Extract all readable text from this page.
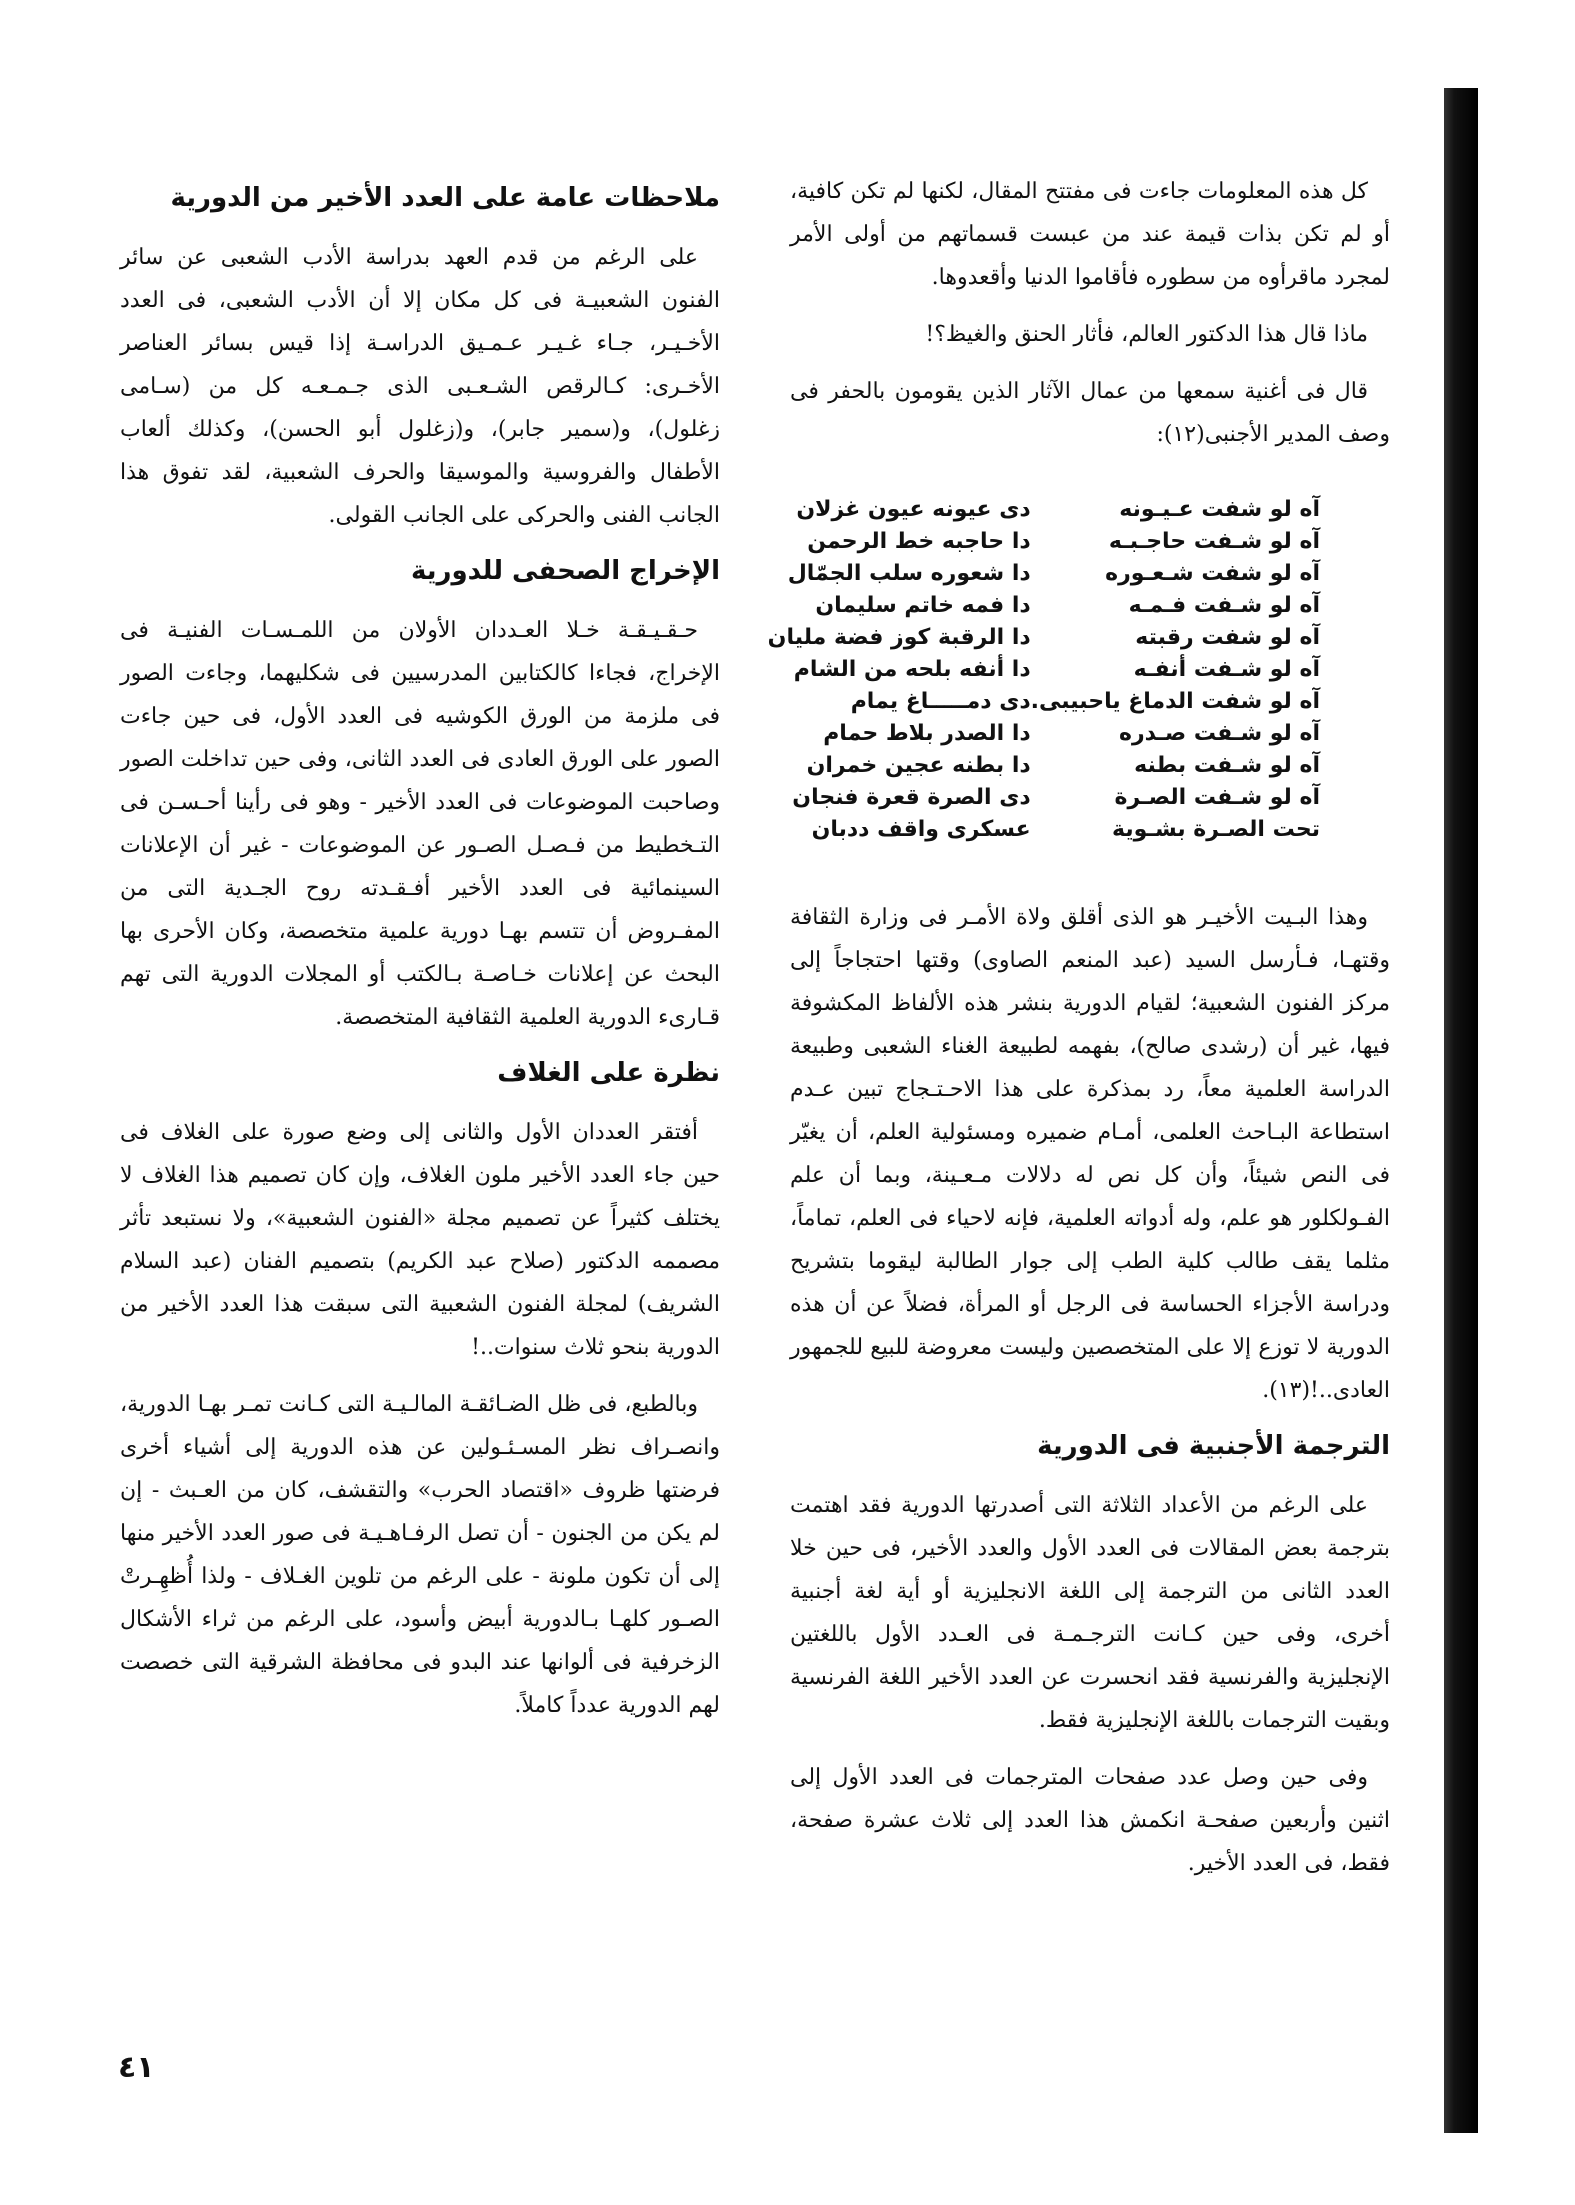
كل هذه المعلومات جاءت فى مفتتح المقال، لكنها لم تكن كافية، أو لم تكن بذات قيمة عند من عبست قسماتهم من أولى الأمر لمجرد ماقرأوه من سطوره فأقاموا الدنيا وأقعدوها.

ماذا قال هذا الدكتور العالم، فأثار الحنق والغيظ؟!

قال فى أغنية سمعها من عمال الآثار الذين يقومون بالحفر فى وصف المدير الأجنبى(١٢):

آه لو شفت عـيـونه
آه لو شـفت حاجـبـه
آه لو شفت شـعـوره
آه لو شـفت فـمـه
آه لو شفت رقبته
آه لو شـفت أنفـه
آه لو شفت الدماغ ياحبيبى.
آه لو شـفت صـدره
آه لو شـفت بطنه
آه لو شـفت الصـرة
تحت الصـرة بشـوية
دى عيونه عيون غزلان
دا حاجبه خط الرحمن
دا شعوره سلب الجمّال
دا فمه خاتم سليمان
دا الرقبة كوز فضة مليان
دا أنفه بلحه من الشام
دى دمـــــاغ يمام
دا الصدر بلاط حمام
دا بطنه عجين خمران
دى الصرة قعرة فنجان
عسكرى واقف ددبان

وهذا البـيت الأخيـر هو الذى أقلق ولاة الأمـر فى وزارة الثقافة وقتهـا، فـأرسل السيد (عبد المنعم الصاوى) وقتها احتجاجاً إلى مركز الفنون الشعبية؛ لقيام الدورية بنشر هذه الألفاظ المكشوفة فيها، غير أن (رشدى صالح)، بفهمه لطبيعة الغناء الشعبى وطبيعة الدراسة العلمية معاً، رد بمذكرة على هذا الاحـتـجاج تبين عـدم استطاعة البـاحث العلمى، أمـام ضميره ومسئولية العلم، أن يغيّر فى النص شيئاً، وأن كل نص له دلالات مـعـينة، وبما أن علم الفـولكلور هو علم، وله أدواته العلمية، فإنه لاحياء فى العلم، تماماً، مثلما يقف طالب كلية الطب إلى جوار الطالبة ليقوما بتشريح ودراسة الأجزاء الحساسة فى الرجل أو المرأة، فضلاً عن أن هذه الدورية لا توزع إلا على المتخصصين وليست معروضة للبيع للجمهور العادى..!(١٣).

الترجمة الأجنبية فى الدورية

على الرغم من الأعداد الثلاثة التى أصدرتها الدورية فقد اهتمت بترجمة بعض المقالات فى العدد الأول والعدد الأخير، فى حين خلا العدد الثانى من الترجمة إلى اللغة الانجليزية أو أية لغة أجنبية أخرى، وفى حين كـانت الترجـمـة فى العـدد الأول باللغتين الإنجليزية والفرنسية فقد انحسرت عن العدد الأخير اللغة الفرنسية وبقيت الترجمات باللغة الإنجليزية فقط.

وفى حين وصل عدد صفحات المترجمات فى العدد الأول إلى اثنين وأربعين صفحـة انكمش هذا العدد إلى ثلاث عشرة صفحة، فقط، فى العدد الأخير.

ملاحظات عامة على العدد الأخير من الدورية

على الرغم من قدم العهد بدراسة الأدب الشعبى عن سائر الفنون الشعبيـة فى كل مكان إلا أن الأدب الشعبى، فى العدد الأخـيـر، جـاء غـيـر عـمـيق الدراسـة إذا قيس بسائر العناصر الأخـرى: كـالرقص الشـعـبى الذى جـمـعـه كل من (سـامى زغلول)، و(سمير جابر)، و(زغلول أبو الحسن)، وكذلك ألعاب الأطفال والفروسية والموسيقا والحرف الشعبية، لقد تفوق هذا الجانب الفنى والحركى على الجانب القولى.

الإخراج الصحفى للدورية

حـقـيـقـة خـلا العـددان الأولان من اللمـسـات الفنيـة فى الإخراج، فجاءا كالكتابين المدرسيين فى شكليهما، وجاءت الصور فى ملزمة من الورق الكوشيه فى العدد الأول، فى حين جاءت الصور على الورق العادى فى العدد الثانى، وفى حين تداخلت الصور وصاحبت الموضوعات فى العدد الأخير - وهو فى رأينا أحـسـن فى التـخطيط من فـصـل الصـور عن الموضوعات - غير أن الإعلانات السينمائية فى العدد الأخير أفـقـدته روح الجـدية التى من المفـروض أن تتسم بهـا دورية علمية متخصصة، وكان الأحرى بها البحث عن إعلانات خـاصـة بـالكتب أو المجلات الدورية التى تهم قـارىء الدورية العلمية الثقافية المتخصصة.

نظرة على الغلاف

أفتقر العددان الأول والثانى إلى وضع صورة على الغلاف فى حين جاء العدد الأخير ملون الغلاف، وإن كان تصميم هذا الغلاف لا يختلف كثيراً عن تصميم مجلة «الفنون الشعبية»، ولا نستبعد تأثر مصممه الدكتور (صلاح عبد الكريم) بتصميم الفنان (عبد السلام الشريف) لمجلة الفنون الشعبية التى سبقت هذا العدد الأخير من الدورية بنحو ثلاث سنوات..!

وبالطبع، فى ظل الضـائقـة المالـيـة التى كـانت تمـر بهـا الدورية، وانصـراف نظر المسـئـولين عن هذه الدورية إلى أشياء أخرى فرضتها ظروف «اقتصاد الحرب» والتقشف، كان من العـبث - إن لم يكن من الجنون - أن تصل الرفـاهـيـة فى صور العدد الأخير منها إلى أن تكون ملونة - على الرغم من تلوين الغـلاف - ولذا أُظهِـرتْ الصـور كلهـا بـالدورية أبيض وأسود، على الرغم من ثراء الأشكال الزخرفية فى ألوانها عند البدو فى محافظة الشرقية التى خصصت لهم الدورية عدداً كاملاً.

٤١
